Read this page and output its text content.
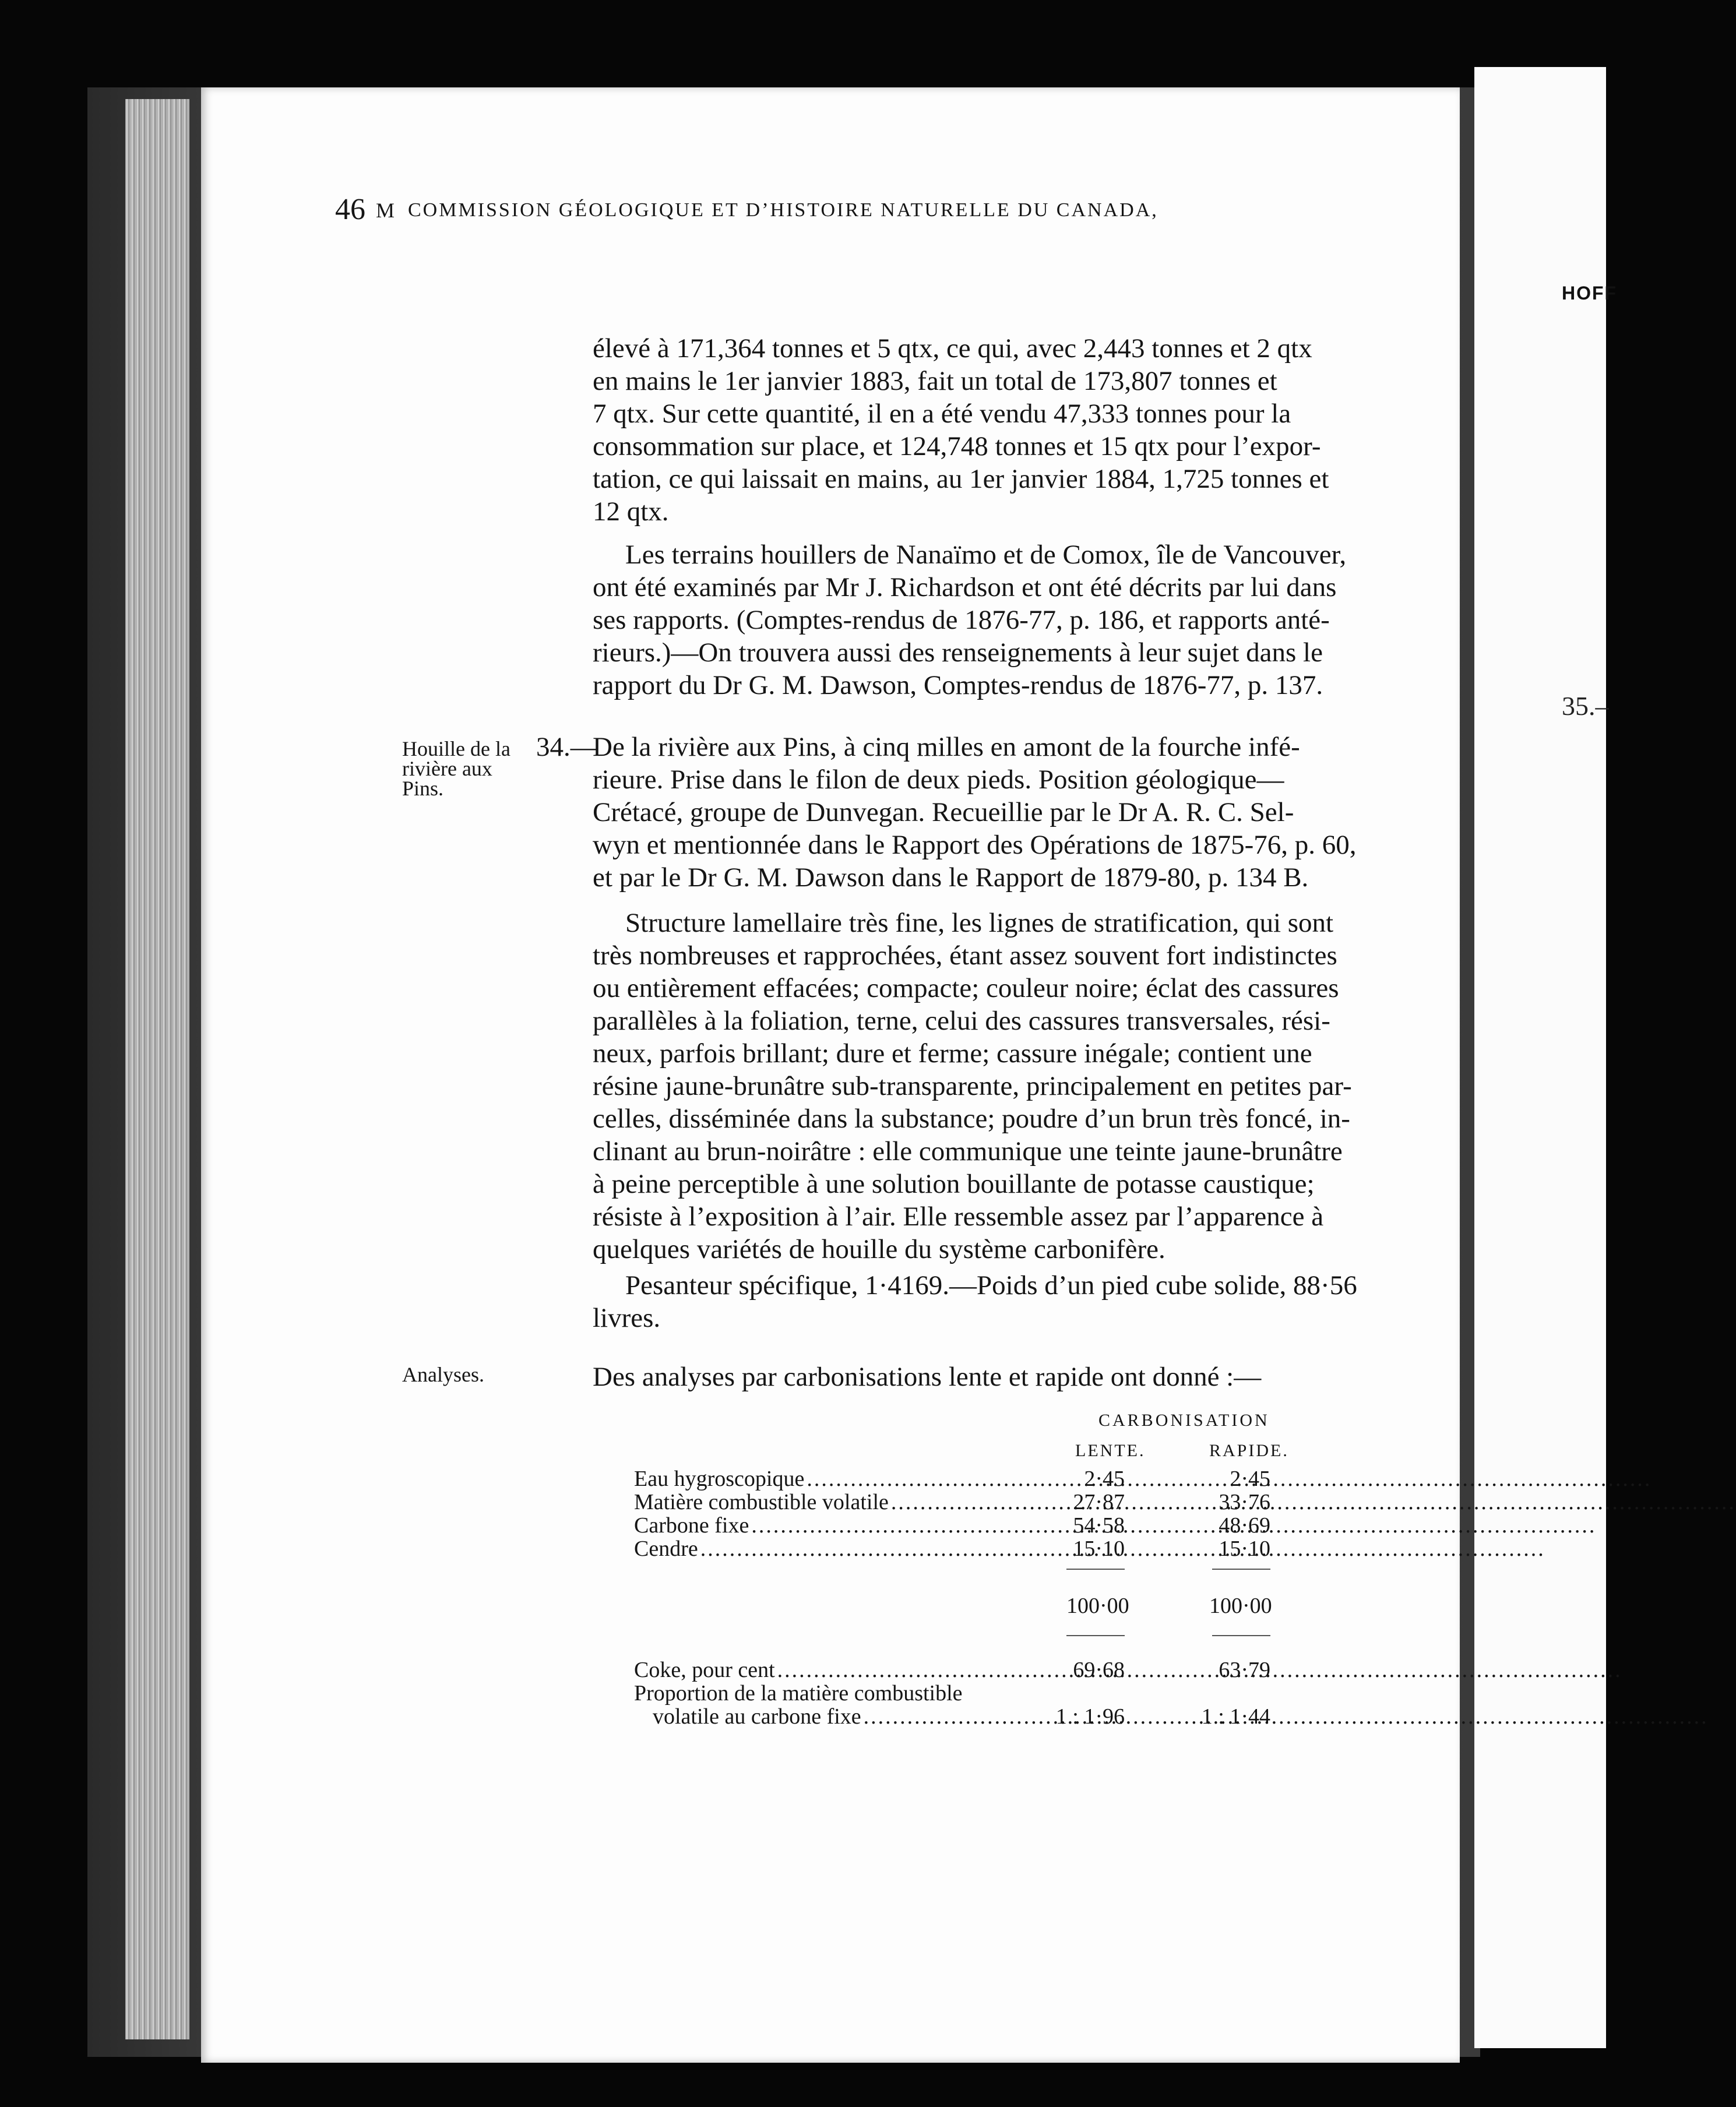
HOFF
35.–
46 M COMMISSION GÉOLOGIQUE ET D’HISTOIRE NATURELLE DU CANADA,

élevé à 171,364 tonnes et 5 qtx, ce qui, avec 2,443 tonnes et 2 qtx

en mains le 1er janvier 1883, fait un total de 173,807 tonnes et

7 qtx. Sur cette quantité, il en a été vendu 47,333 tonnes pour la

consommation sur place, et 124,748 tonnes et 15 qtx pour l’expor-

tation, ce qui laissait en mains, au 1er janvier 1884, 1,725 tonnes et

12 qtx.

Les terrains houillers de Nanaïmo et de Comox, île de Vancouver,

ont été examinés par Mr J. Richardson et ont été décrits par lui dans

ses rapports. (Comptes-rendus de 1876-77, p. 186, et rapports anté-

rieurs.)—On trouvera aussi des renseignements à leur sujet dans le

rapport du Dr G. M. Dawson, Comptes-rendus de 1876-77, p. 137.

Houille de la
rivière aux
Pins.
34.—

De la rivière aux Pins, à cinq milles en amont de la fourche infé-

rieure. Prise dans le filon de deux pieds. Position géologique—

Crétacé, groupe de Dunvegan. Recueillie par le Dr A. R. C. Sel-

wyn et mentionnée dans le Rapport des Opérations de 1875-76, p. 60,

et par le Dr G. M. Dawson dans le Rapport de 1879-80, p. 134 B.

Structure lamellaire très fine, les lignes de stratification, qui sont

très nombreuses et rapprochées, étant assez souvent fort indistinctes

ou entièrement effacées; compacte; couleur noire; éclat des cassures

parallèles à la foliation, terne, celui des cassures transversales, rési-

neux, parfois brillant; dure et ferme; cassure inégale; contient une

résine jaune-brunâtre sub-transparente, principalement en petites par-

celles, disséminée dans la substance; poudre d’un brun très foncé, in-

clinant au brun-noirâtre : elle communique une teinte jaune-brunâtre

à peine perceptible à une solution bouillante de potasse caustique;

résiste à l’exposition à l’air. Elle ressemble assez par l’apparence à

quelques variétés de houille du système carbonifère.

Pesanteur spécifique, 1·4169.—Poids d’un pied cube solide, 88·56

livres.

Analyses.	Des analyses par carbonisations lente et rapide ont donné :—

CARBONISATION
LENTE.	RAPIDE.
Eau hygroscopique .....	2·45	2·45
Matière combustible volatile .....	27·87	33·76
Carbone fixe .....	54·58	48·69
Cendre .....	15·10	15·10
100·00	100·00
Coke, pour cent .....	69·68	63·79
Proportion de la matière combustible
volatile au carbone fixe .....	1 : 1·96	1 : 1·44
